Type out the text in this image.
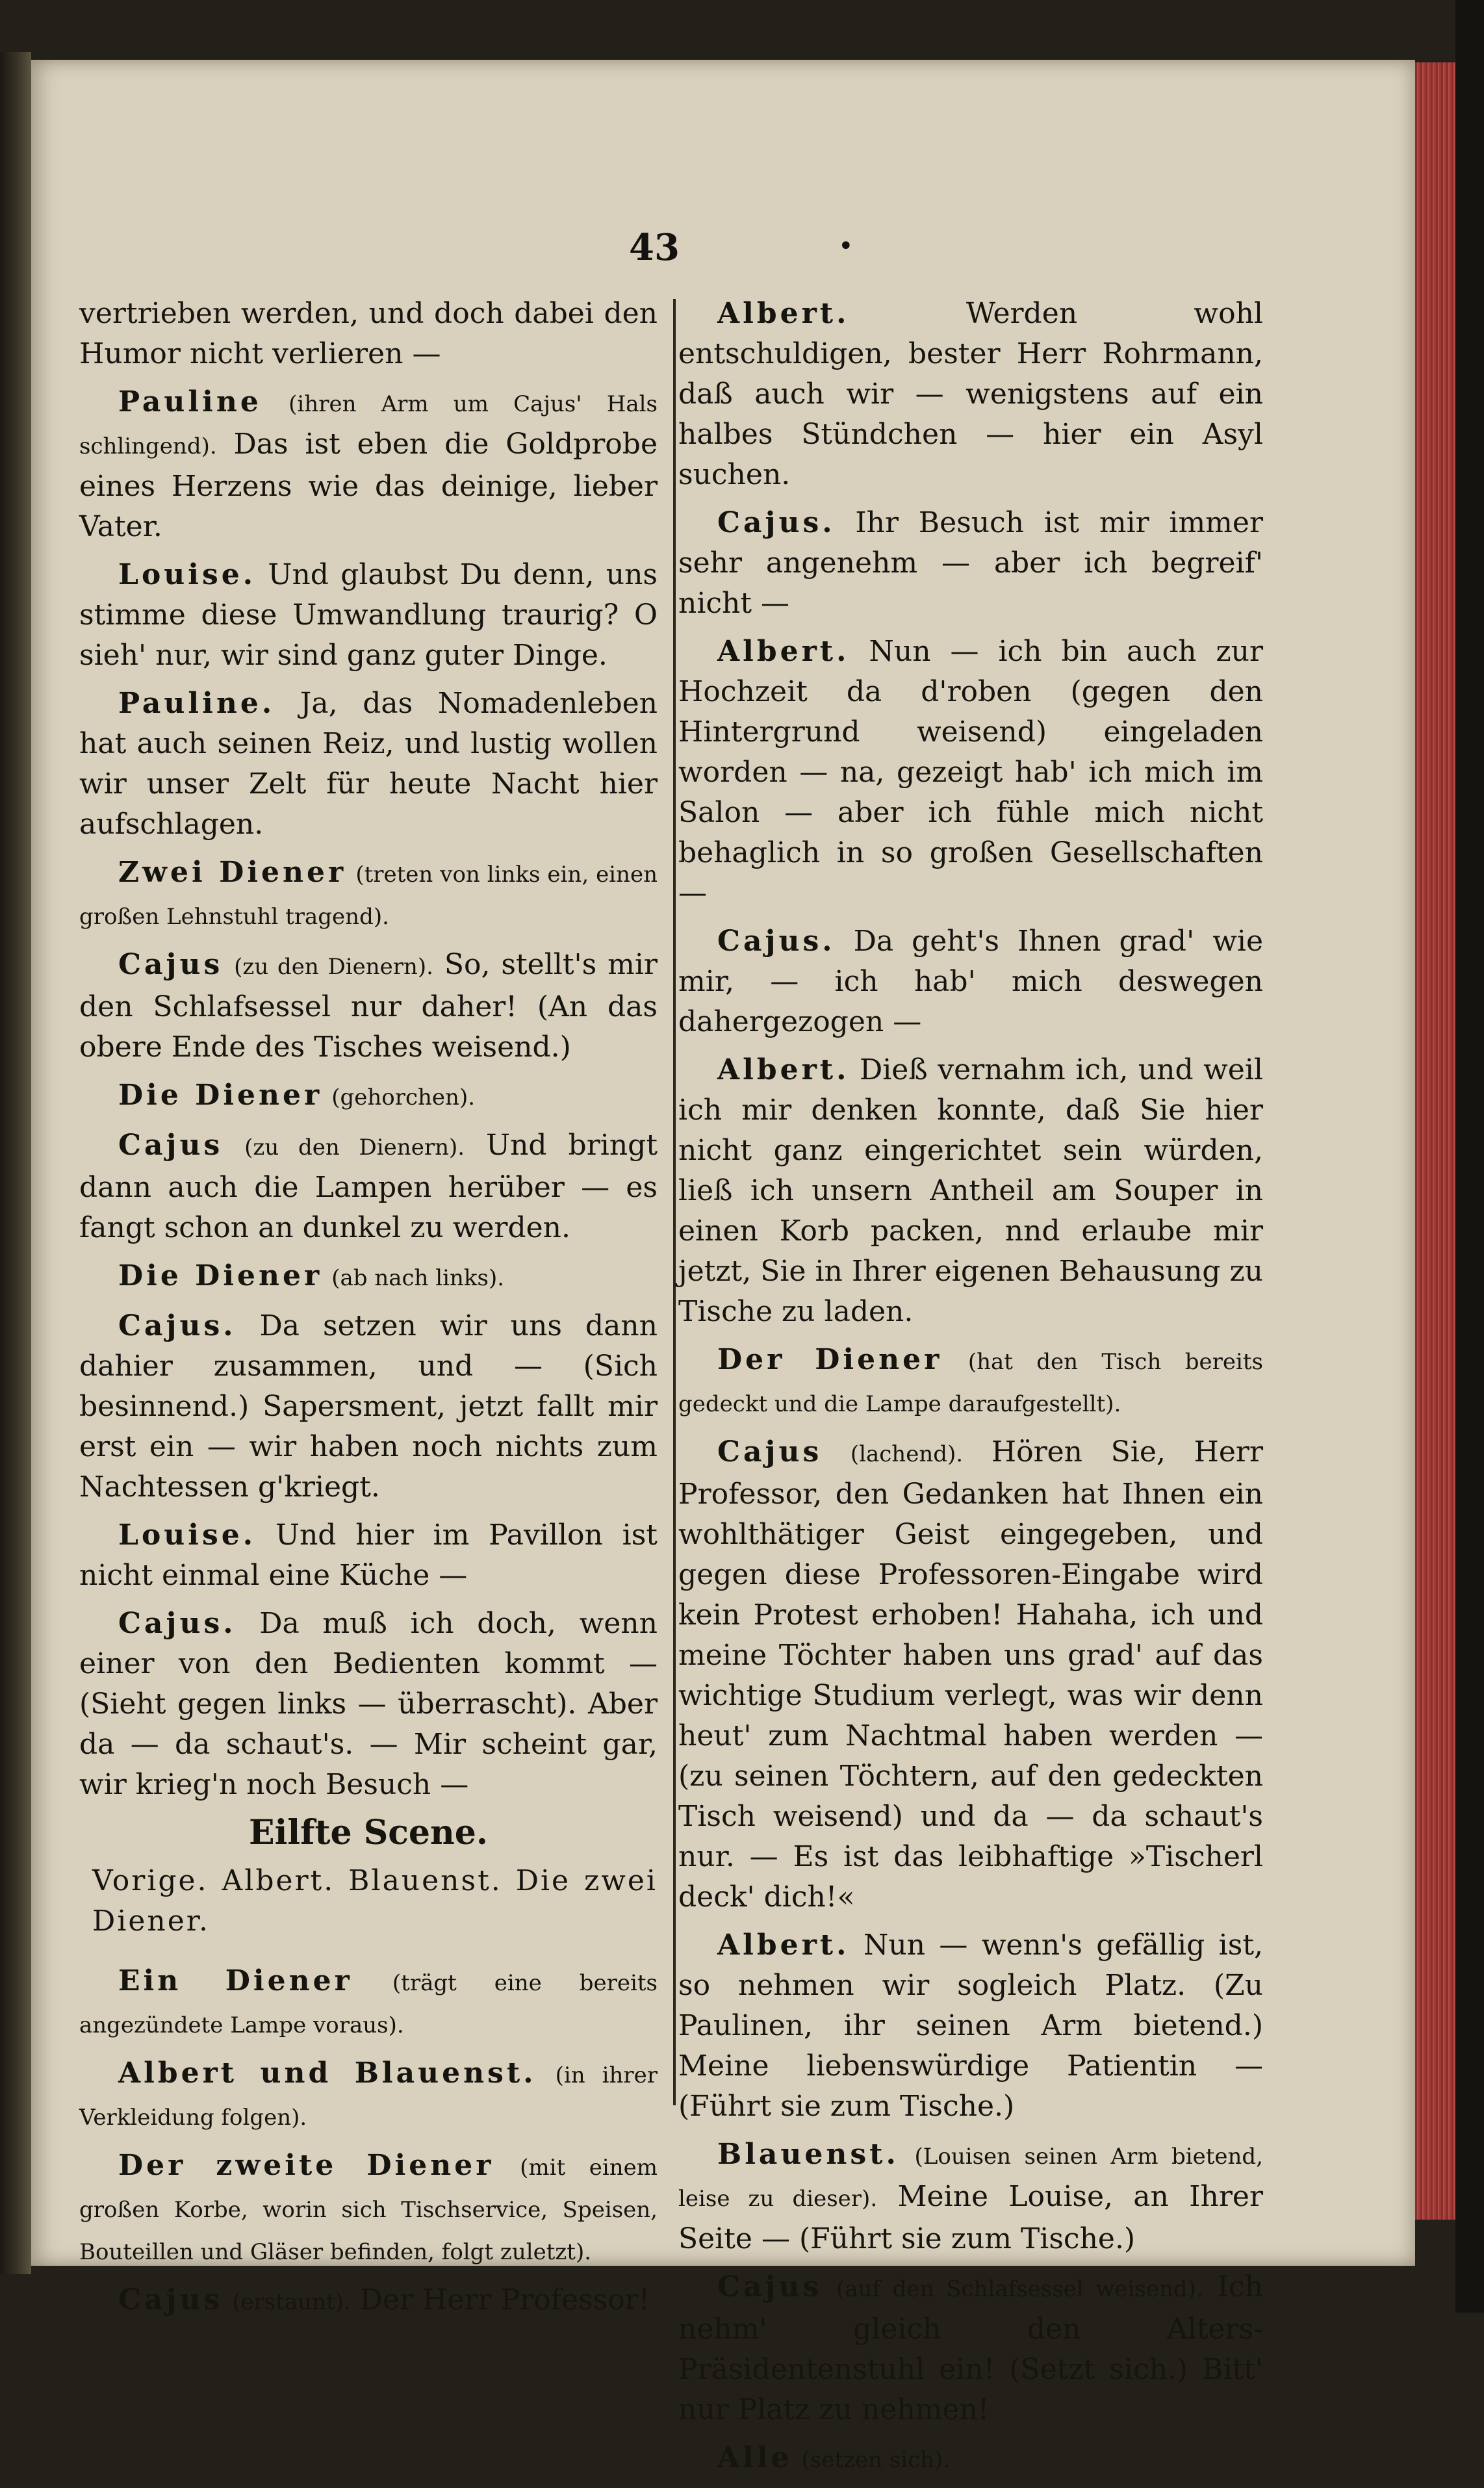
43	•

vertrieben werden, und doch dabei den Humor nicht verlieren —

Pauline (ihren Arm um Cajus' Hals schlingend). Das ist eben die Goldprobe eines Herzens wie das deinige, lieber Vater.

Louise. Und glaubst Du denn, uns stimme diese Umwandlung traurig? O sieh' nur, wir sind ganz guter Dinge.

Pauline. Ja, das Nomadenleben hat auch seinen Reiz, und lustig wollen wir unser Zelt für heute Nacht hier aufschlagen.

Zwei Diener (treten von links ein, einen großen Lehnstuhl tragend).

Cajus (zu den Dienern). So, stellt's mir den Schlafsessel nur daher! (An das obere Ende des Tisches weisend.)

Die Diener (gehorchen).

Cajus (zu den Dienern). Und bringt dann auch die Lampen herüber — es fangt schon an dunkel zu werden.

Die Diener (ab nach links).

Cajus. Da setzen wir uns dann dahier zusammen, und — (Sich besinnend.) Sapersment, jetzt fallt mir erst ein — wir haben noch nichts zum Nachtessen g'kriegt.

Louise. Und hier im Pavillon ist nicht einmal eine Küche —

Cajus. Da muß ich doch, wenn einer von den Bedienten kommt — (Sieht gegen links — überrascht). Aber da — da schaut's. — Mir scheint gar, wir krieg'n noch Besuch —

Eilfte Scene.

Vorige. Albert. Blauenst. Die zwei Diener.

Ein Diener (trägt eine bereits angezündete Lampe voraus).

Albert und Blauenst. (in ihrer Verkleidung folgen).

Der zweite Diener (mit einem großen Korbe, worin sich Tischservice, Speisen, Bouteillen und Gläser befinden, folgt zuletzt).

Cajus (erstaunt). Der Herr Professor!

Albert.	Werden wohl entschuldigen, bester Herr Rohrmann, daß auch wir — wenigstens auf ein halbes Stündchen — hier ein Asyl suchen.

Cajus. Ihr Besuch ist mir immer sehr angenehm — aber ich begreif' nicht —

Albert. Nun — ich bin auch zur Hochzeit da d'roben (gegen den Hintergrund weisend) eingeladen worden — na, gezeigt hab' ich mich im Salon — aber ich fühle mich nicht behaglich in so großen Gesellschaften —

Cajus. Da geht's Ihnen grad' wie mir, — ich hab' mich deswegen dahergezogen —

Albert. Dieß vernahm ich, und weil ich mir denken konnte, daß Sie hier nicht ganz eingerichtet sein würden, ließ ich unsern Antheil am Souper in einen Korb packen, nnd erlaube mir jetzt, Sie in Ihrer eigenen Behausung zu Tische zu laden.

Der Diener (hat den Tisch bereits gedeckt und die Lampe daraufgestellt).

Cajus (lachend). Hören Sie, Herr Professor, den Gedanken hat Ihnen ein wohlthätiger Geist eingegeben, und gegen diese Professoren-Eingabe wird kein Protest erhoben! Hahaha, ich und meine Töchter haben uns grad' auf das wichtige Studium verlegt, was wir denn heut' zum Nachtmal haben werden — (zu seinen Töchtern, auf den gedeckten Tisch weisend) und da — da schaut's nur. — Es ist das leibhaftige »Tischerl deck' dich!«

Albert. Nun — wenn's gefällig ist, so nehmen wir sogleich Platz. (Zu Paulinen, ihr seinen Arm bietend.) Meine liebenswürdige Patientin — (Führt sie zum Tische.)

Blauenst. (Louisen seinen Arm bietend, leise zu dieser). Meine Louise, an Ihrer Seite — (Führt sie zum Tische.)

Cajus (auf den Schlafsessel weisend). Ich nehm' gleich den Alters-Präsidentenstuhl ein! (Setzt sich.) Bitt' nur Platz zu nehmen!

Alle (setzen sich).
